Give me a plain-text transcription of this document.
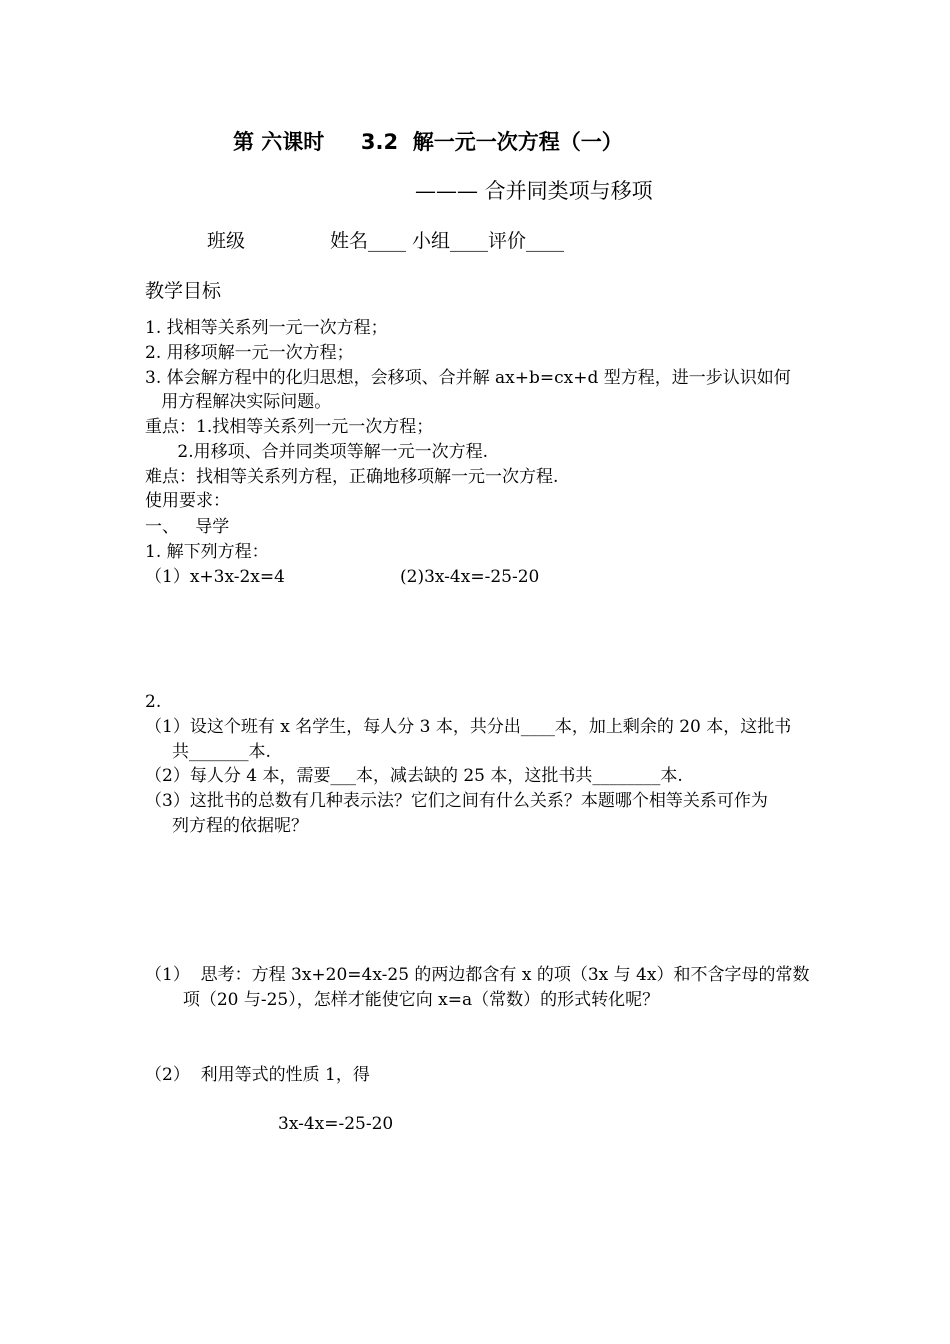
第 六课时     3.2  解一元一次方程（一）
——— 合并同类项与移项
班级	姓名____ 小组____评价____
教学目标
1. 找相等关系列一元一次方程；
2. 用移项解一元一次方程；
3. 体会解方程中的化归思想，会移项、合并解 ax+b=cx+d 型方程，进一步认识如何
用方程解决实际问题。
重点：1.找相等关系列一元一次方程；
2.用移项、合并同类项等解一元一次方程.
难点：找相等关系列方程，正确地移项解一元一次方程.
使用要求：
一、   导学
1. 解下列方程：
（1）x+3x-2x=4	(2)3x-4x=-25-20
2.
（1）设这个班有 x 名学生，每人分 3 本，共分出____本，加上剩余的 20 本，这批书
共_______本.
（2）每人分 4 本，需要___本，减去缺的 25 本，这批书共________本.
（3）这批书的总数有几种表示法？它们之间有什么关系？本题哪个相等关系可作为
列方程的依据呢？
（1）  思考：方程 3x+20=4x-25 的两边都含有 x 的项（3x 与 4x）和不含字母的常数
项（20 与-25），怎样才能使它向 x=a（常数）的形式转化呢？
（2）  利用等式的性质 1，得
3x-4x=-25-20
